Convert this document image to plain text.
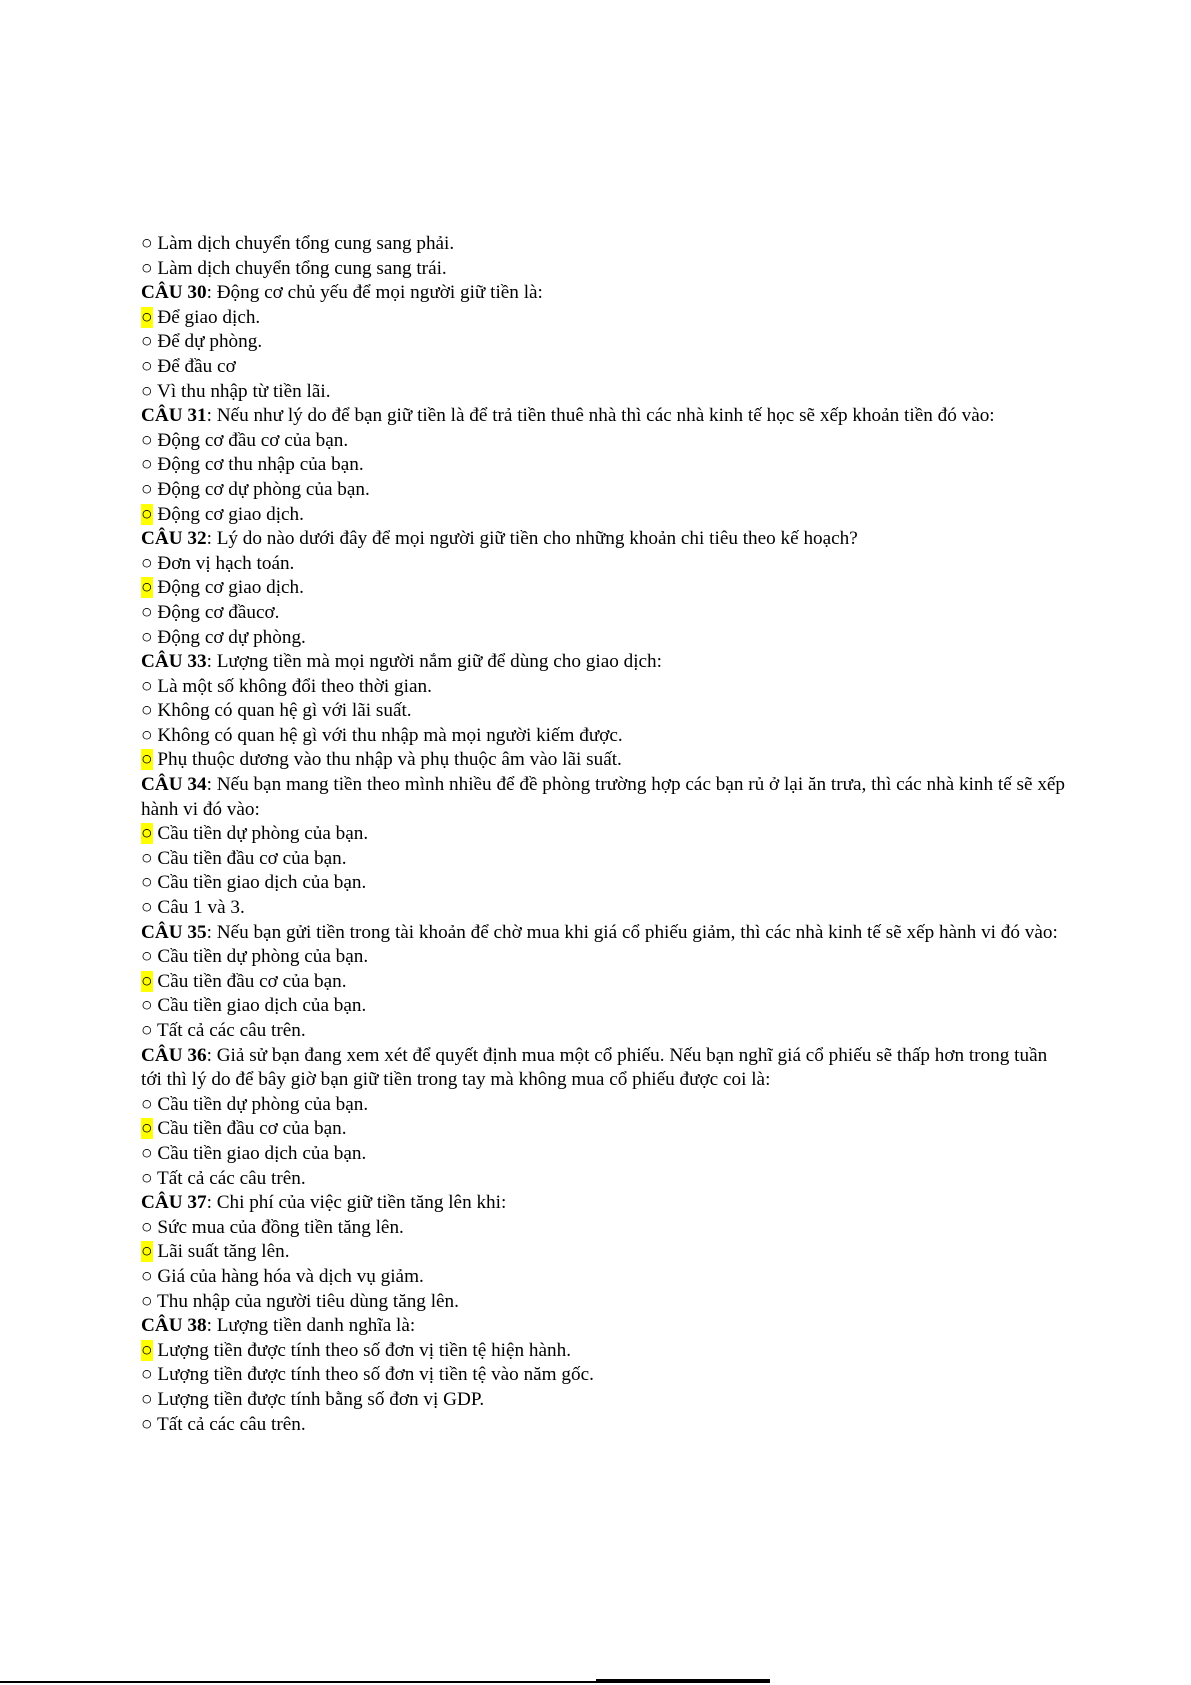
○ Làm dịch chuyển tổng cung sang phải.
○ Làm dịch chuyển tổng cung sang trái.
CÂU 30: Động cơ chủ yếu để mọi người giữ tiền là:
○ Để giao dịch.
○ Để dự phòng.
○ Để đầu cơ
○ Vì thu nhập từ tiền lãi.
CÂU 31: Nếu như lý do để bạn giữ tiền là để trả tiền thuê nhà thì các nhà kinh tế học sẽ xếp khoản tiền đó vào:
○ Động cơ đầu cơ của bạn.
○ Động cơ thu nhập của bạn.
○ Động cơ dự phòng của bạn.
○ Động cơ giao dịch.
CÂU 32: Lý do nào dưới đây để mọi người giữ tiền cho những khoản chi tiêu theo kế hoạch?
○ Đơn vị hạch toán.
○ Động cơ giao dịch.
○ Động cơ đầucơ.
○ Động cơ dự phòng.
CÂU 33: Lượng tiền mà mọi người nắm giữ để dùng cho giao dịch:
○ Là một số không đổi theo thời gian.
○ Không có quan hệ gì với lãi suất.
○ Không có quan hệ gì với thu nhập mà mọi người kiếm được.
○ Phụ thuộc dương vào thu nhập và phụ thuộc âm vào lãi suất.
CÂU 34: Nếu bạn mang tiền theo mình nhiều để đề phòng trường hợp các bạn rủ ở lại ăn trưa, thì các nhà kinh tế sẽ xếp hành vi đó vào:
○ Cầu tiền dự phòng của bạn.
○ Cầu tiền đầu cơ của bạn.
○ Cầu tiền giao dịch của bạn.
○ Câu 1 và 3.
CÂU 35: Nếu bạn gửi tiền trong tài khoản để chờ mua khi giá cổ phiếu giảm, thì các nhà kinh tế sẽ xếp hành vi đó vào:
○ Cầu tiền dự phòng của bạn.
○ Cầu tiền đầu cơ của bạn.
○ Cầu tiền giao dịch của bạn.
○ Tất cả các câu trên.
CÂU 36: Giả sử bạn đang xem xét để quyết định mua một cổ phiếu. Nếu bạn nghĩ giá cổ phiếu sẽ thấp hơn trong tuần tới thì lý do để bây giờ bạn giữ tiền trong tay mà không mua cổ phiếu được coi là:
○ Cầu tiền dự phòng của bạn.
○ Cầu tiền đầu cơ của bạn.
○ Cầu tiền giao dịch của bạn.
○ Tất cả các câu trên.
CÂU 37: Chi phí của việc giữ tiền tăng lên khi:
○ Sức mua của đồng tiền tăng lên.
○ Lãi suất tăng lên.
○ Giá của hàng hóa và dịch vụ giảm.
○ Thu nhập của người tiêu dùng tăng lên.
CÂU 38: Lượng tiền danh nghĩa là:
○ Lượng tiền được tính theo số đơn vị tiền tệ hiện hành.
○ Lượng tiền được tính theo số đơn vị tiền tệ vào năm gốc.
○ Lượng tiền được tính bằng số đơn vị GDP.
○ Tất cả các câu trên.
